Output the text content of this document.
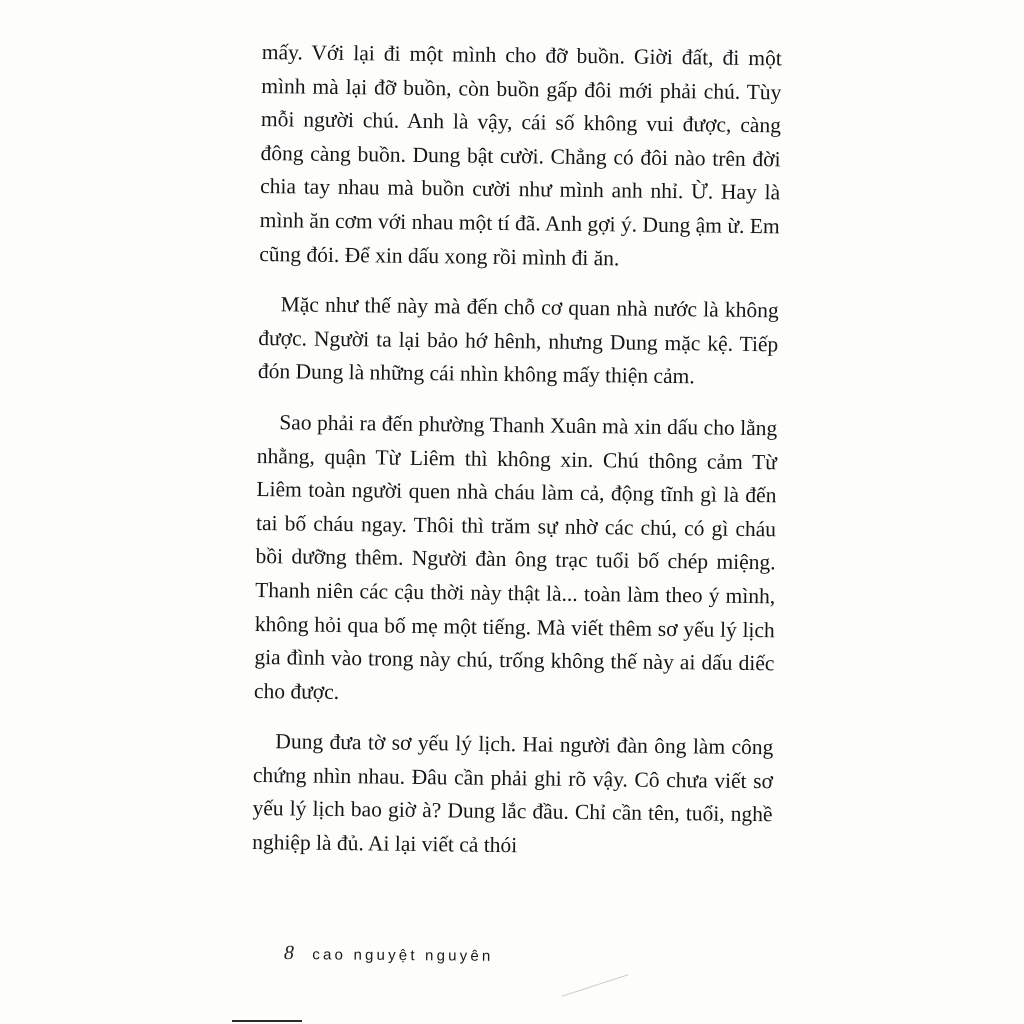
mấy. Với lại đi một mình cho đỡ buồn. Giời đất, đi một mình mà lại đỡ buồn, còn buồn gấp đôi mới phải chú. Tùy mỗi người chú. Anh là vậy, cái số không vui được, càng đông càng buồn. Dung bật cười. Chẳng có đôi nào trên đời chia tay nhau mà buồn cười như mình anh nhỉ. Ừ. Hay là mình ăn cơm với nhau một tí đã. Anh gợi ý. Dung ậm ừ. Em cũng đói. Để xin dấu xong rồi mình đi ăn.

Mặc như thế này mà đến chỗ cơ quan nhà nước là không được. Người ta lại bảo hớ hênh, nhưng Dung mặc kệ. Tiếp đón Dung là những cái nhìn không mấy thiện cảm.

Sao phải ra đến phường Thanh Xuân mà xin dấu cho lằng nhằng, quận Từ Liêm thì không xin. Chú thông cảm Từ Liêm toàn người quen nhà cháu làm cả, động tĩnh gì là đến tai bố cháu ngay. Thôi thì trăm sự nhờ các chú, có gì cháu bồi dưỡng thêm. Người đàn ông trạc tuổi bố chép miệng. Thanh niên các cậu thời này thật là... toàn làm theo ý mình, không hỏi qua bố mẹ một tiếng. Mà viết thêm sơ yếu lý lịch gia đình vào trong này chú, trống không thế này ai dấu diếc cho được.

Dung đưa tờ sơ yếu lý lịch. Hai người đàn ông làm công chứng nhìn nhau. Đâu cần phải ghi rõ vậy. Cô chưa viết sơ yếu lý lịch bao giờ à? Dung lắc đầu. Chỉ cần tên, tuổi, nghề nghiệp là đủ. Ai lại viết cả thói

8 cao nguyệt nguyên
